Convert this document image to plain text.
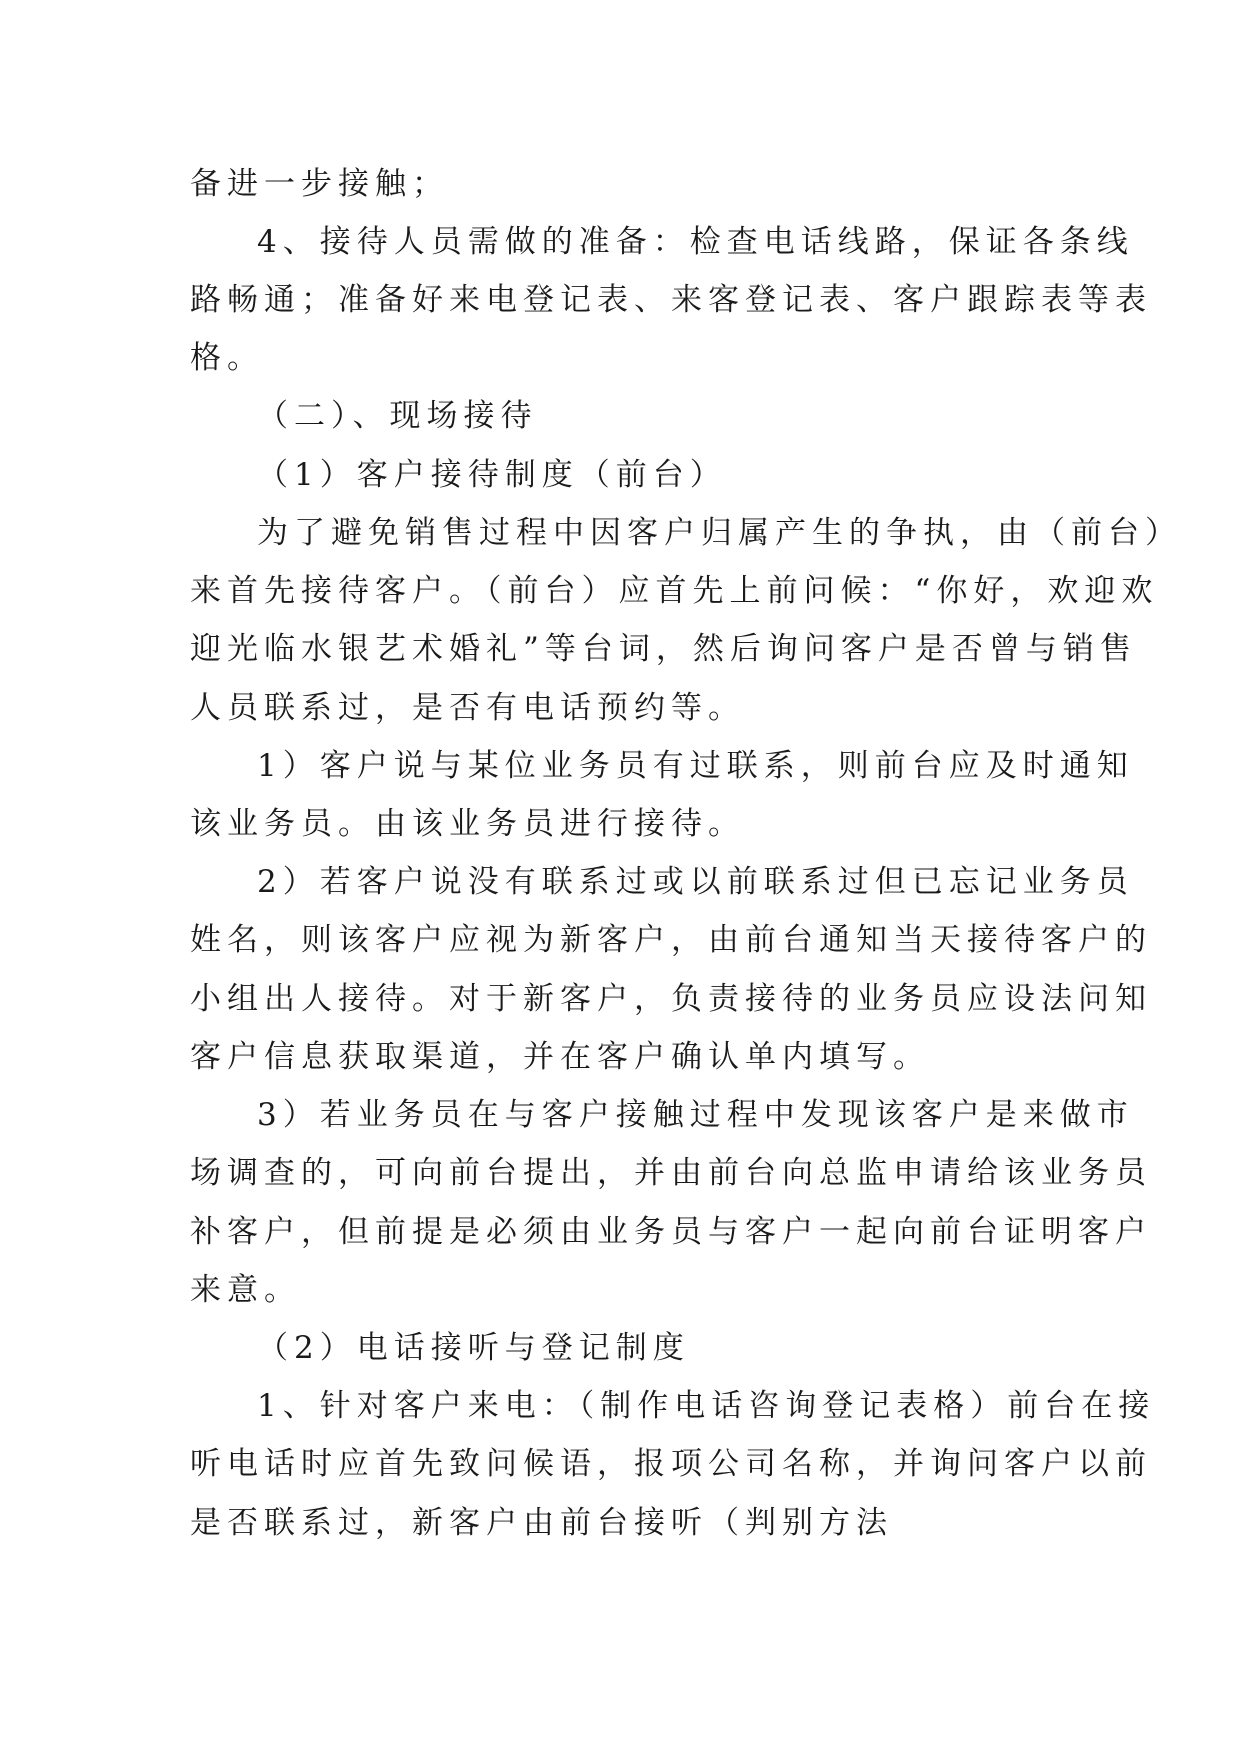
备进一步接触；
4、接待人员需做的准备：检查电话线路，保证各条线
路畅通；准备好来电登记表、来客登记表、客户跟踪表等表
格。
（二）、现场接待
（1）客户接待制度（前台）
为了避免销售过程中因客户归属产生的争执，由（前台）
来首先接待客户。（前台）应首先上前问候：“你好，欢迎欢
迎光临水银艺术婚礼”等台词，然后询问客户是否曾与销售
人员联系过，是否有电话预约等。
1）客户说与某位业务员有过联系，则前台应及时通知
该业务员。由该业务员进行接待。
2）若客户说没有联系过或以前联系过但已忘记业务员
姓名，则该客户应视为新客户，由前台通知当天接待客户的
小组出人接待。对于新客户，负责接待的业务员应设法问知
客户信息获取渠道，并在客户确认单内填写。
3）若业务员在与客户接触过程中发现该客户是来做市
场调查的，可向前台提出，并由前台向总监申请给该业务员
补客户，但前提是必须由业务员与客户一起向前台证明客户
来意。
（2）电话接听与登记制度
1、针对客户来电：（制作电话咨询登记表格）前台在接
听电话时应首先致问候语，报项公司名称，并询问客户以前
是否联系过，新客户由前台接听（判别方法
